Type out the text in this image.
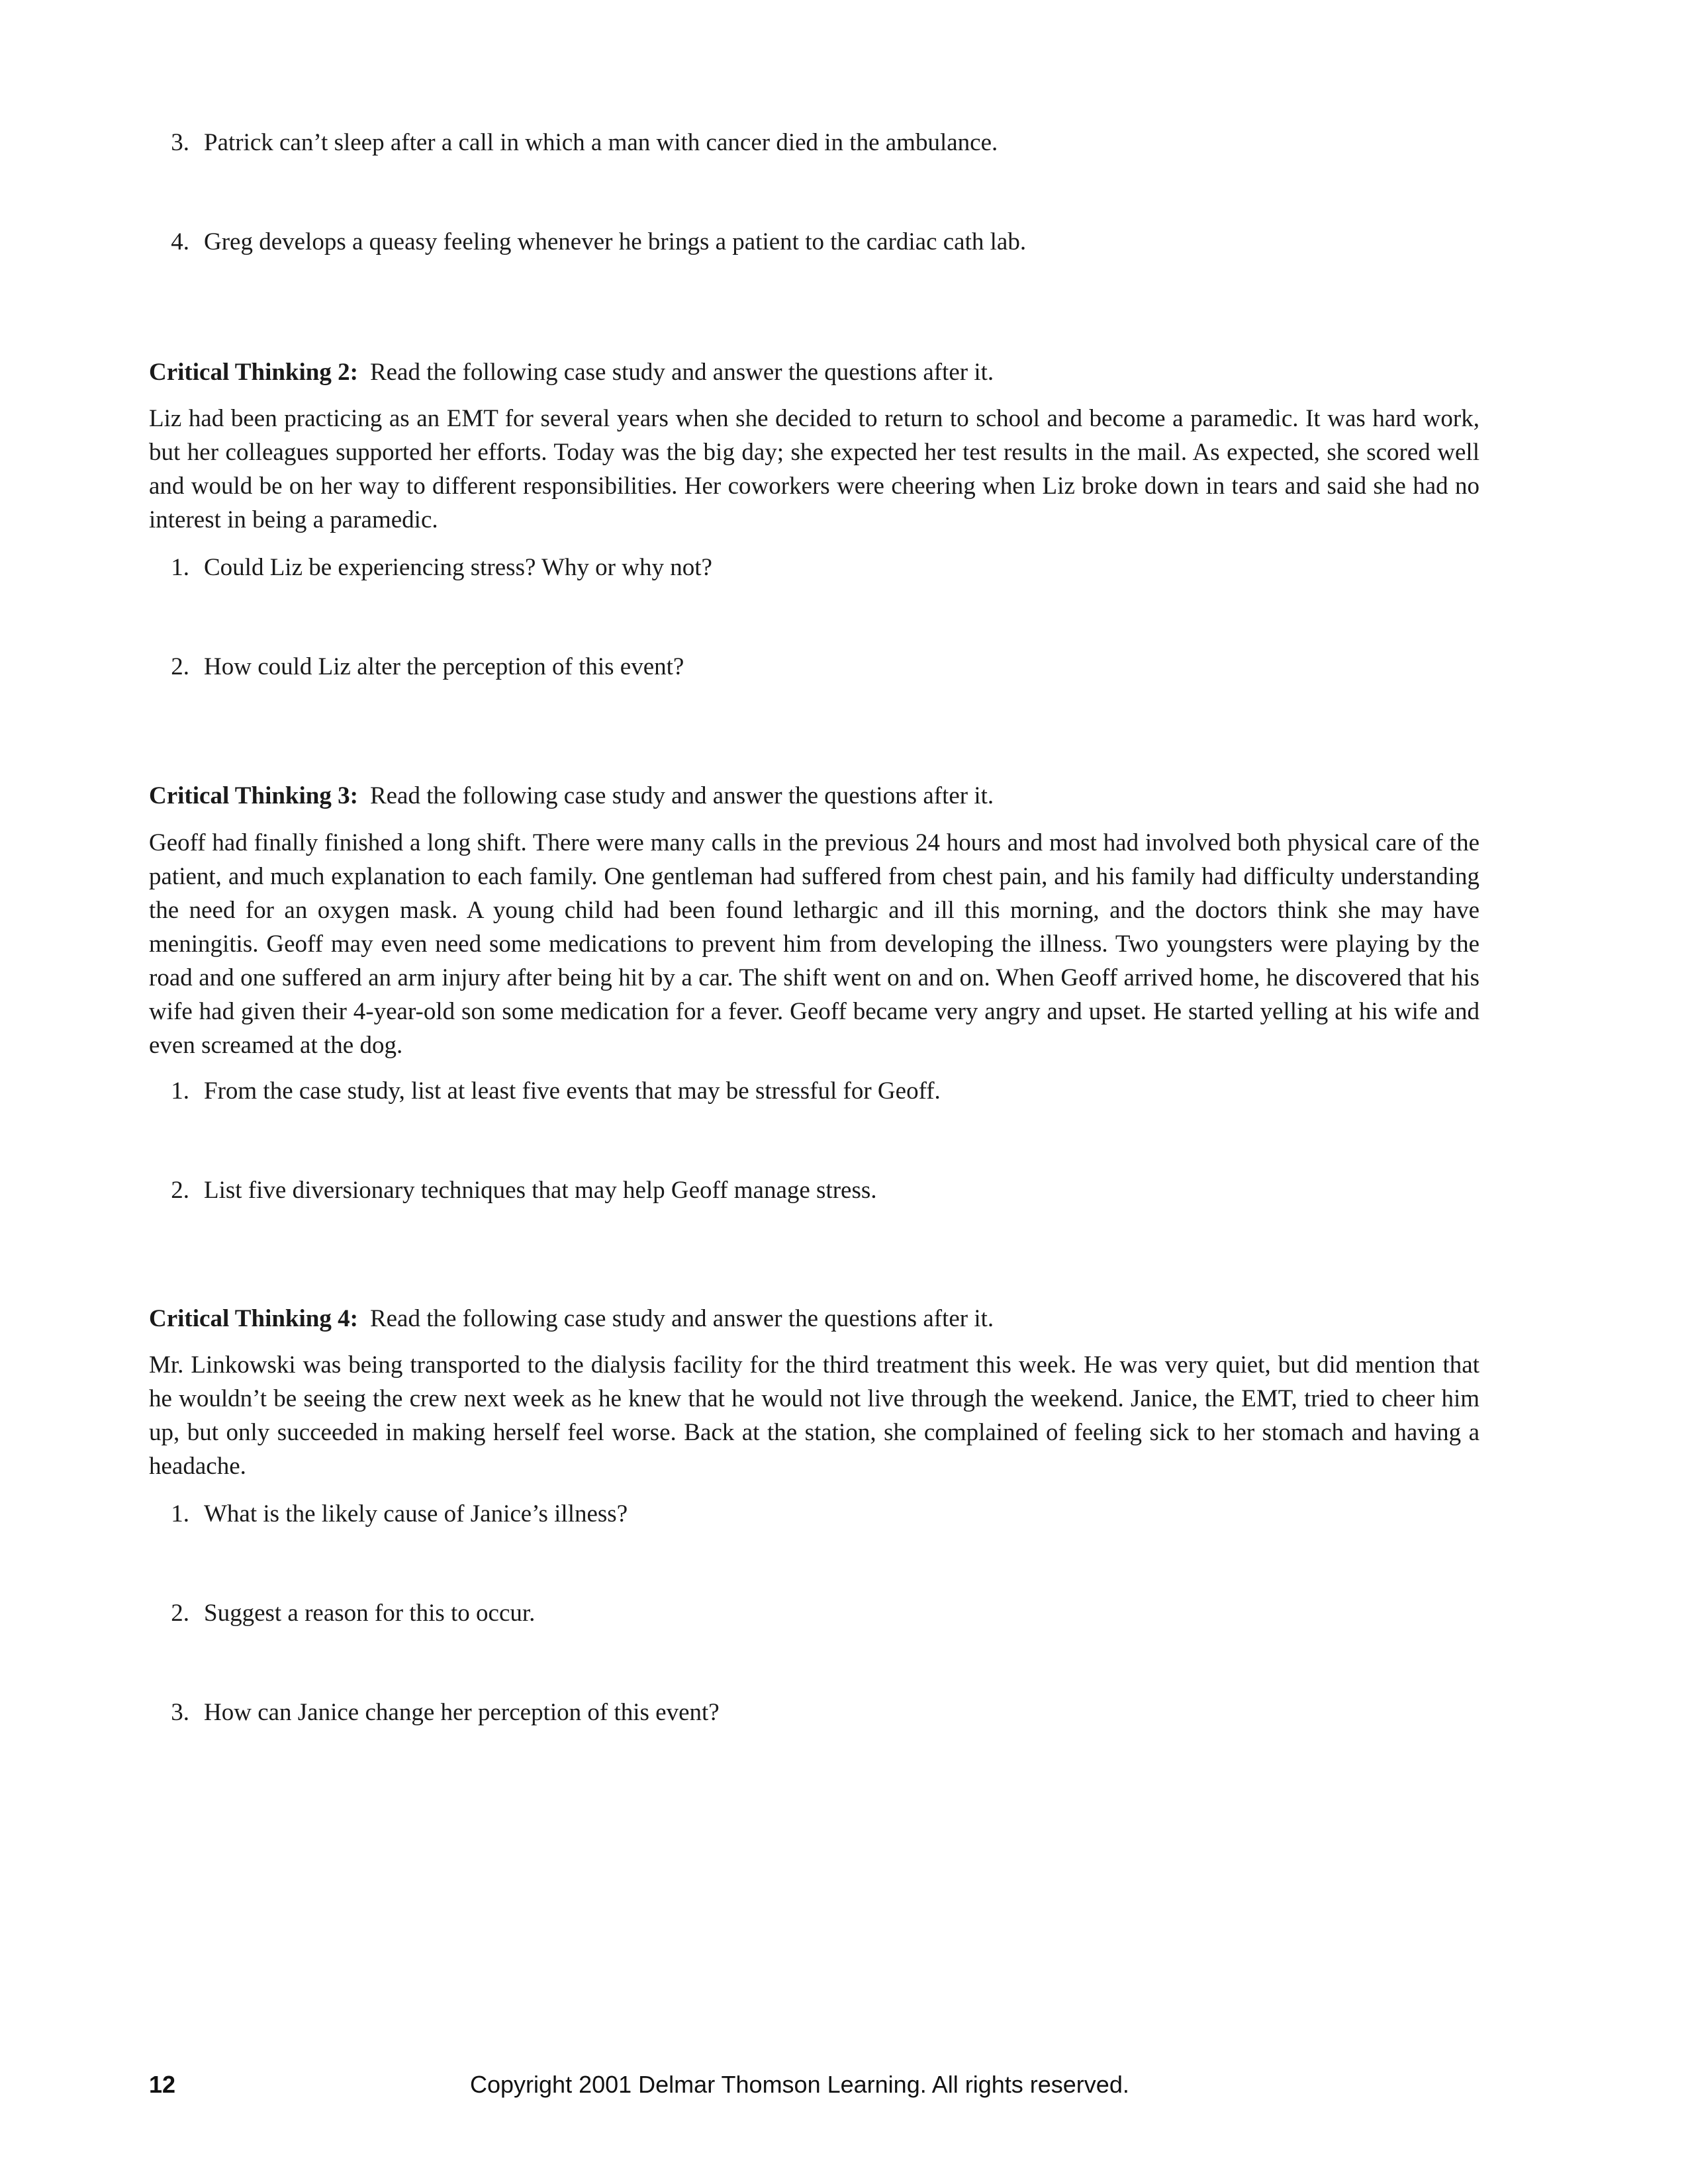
3. Patrick can’t sleep after a call in which a man with cancer died in the ambulance.
4. Greg develops a queasy feeling whenever he brings a patient to the cardiac cath lab.
Critical Thinking 2: Read the following case study and answer the questions after it.
Liz had been practicing as an EMT for several years when she decided to return to school and become a paramedic. It was hard work, but her colleagues supported her efforts. Today was the big day; she expected her test results in the mail. As expected, she scored well and would be on her way to different responsibilities. Her coworkers were cheering when Liz broke down in tears and said she had no interest in being a paramedic.
1. Could Liz be experiencing stress? Why or why not?
2. How could Liz alter the perception of this event?
Critical Thinking 3: Read the following case study and answer the questions after it.
Geoff had finally finished a long shift. There were many calls in the previous 24 hours and most had involved both physical care of the patient, and much explanation to each family. One gentleman had suffered from chest pain, and his family had difficulty understanding the need for an oxygen mask. A young child had been found lethargic and ill this morning, and the doctors think she may have meningitis. Geoff may even need some medications to prevent him from developing the illness. Two youngsters were playing by the road and one suffered an arm injury after being hit by a car. The shift went on and on. When Geoff arrived home, he discovered that his wife had given their 4-year-old son some medication for a fever. Geoff became very angry and upset. He started yelling at his wife and even screamed at the dog.
1. From the case study, list at least five events that may be stressful for Geoff.
2. List five diversionary techniques that may help Geoff manage stress.
Critical Thinking 4: Read the following case study and answer the questions after it.
Mr. Linkowski was being transported to the dialysis facility for the third treatment this week. He was very quiet, but did mention that he wouldn’t be seeing the crew next week as he knew that he would not live through the weekend. Janice, the EMT, tried to cheer him up, but only succeeded in making herself feel worse. Back at the station, she complained of feeling sick to her stomach and having a headache.
1. What is the likely cause of Janice’s illness?
2. Suggest a reason for this to occur.
3. How can Janice change her perception of this event?
12	Copyright 2001 Delmar Thomson Learning. All rights reserved.
